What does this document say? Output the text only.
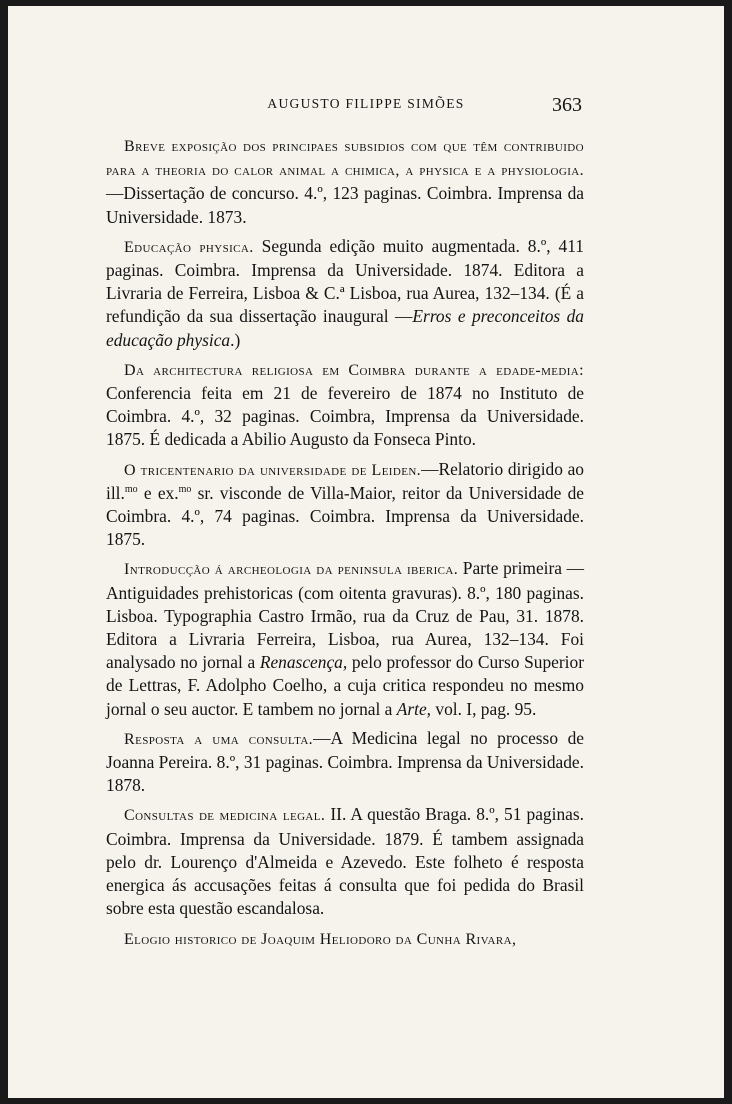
AUGUSTO FILIPPE SIMÕES	363

Breve exposição dos principaes subsidios com que têm contribuido para a theoria do calor animal a chimica, a physica e a physiologia.—Dissertação de concurso. 4.º, 123 paginas. Coimbra. Imprensa da Universidade. 1873.

Educação physica. Segunda edição muito augmentada. 8.º, 411 paginas. Coimbra. Imprensa da Universidade. 1874. Editora a Livraria de Ferreira, Lisboa & C.ª Lisboa, rua Aurea, 132–134. (É a refundição da sua dissertação inaugural —Erros e preconceitos da educação physica.)

Da architectura religiosa em Coimbra durante a edade-media: Conferencia feita em 21 de fevereiro de 1874 no Instituto de Coimbra. 4.º, 32 paginas. Coimbra, Imprensa da Universidade. 1875. É dedicada a Abilio Augusto da Fonseca Pinto.

O tricentenario da universidade de Leiden.—Relatorio dirigido ao ill.$^{mo}$ e ex.$^{mo}$ sr. visconde de Villa-Maior, reitor da Universidade de Coimbra. 4.º, 74 paginas. Coimbra. Imprensa da Universidade. 1875.

Introducção á archeologia da peninsula iberica. Parte primeira — Antiguidades prehistoricas (com oitenta gravuras). 8.º, 180 paginas. Lisboa. Typographia Castro Irmão, rua da Cruz de Pau, 31. 1878. Editora a Livraria Ferreira, Lisboa, rua Aurea, 132–134. Foi analysado no jornal a Renascença, pelo professor do Curso Superior de Lettras, F. Adolpho Coelho, a cuja critica respondeu no mesmo jornal o seu auctor. E tambem no jornal a Arte, vol. I, pag. 95.

Resposta a uma consulta.—A Medicina legal no processo de Joanna Pereira. 8.º, 31 paginas. Coimbra. Imprensa da Universidade. 1878.

Consultas de medicina legal. II. A questão Braga. 8.º, 51 paginas. Coimbra. Imprensa da Universidade. 1879. É tambem assignada pelo dr. Lourenço d'Almeida e Azevedo. Este folheto é resposta energica ás accusações feitas á consulta que foi pedida do Brasil sobre esta questão escandalosa.

Elogio historico de Joaquim Heliodoro da Cunha Rivara,
